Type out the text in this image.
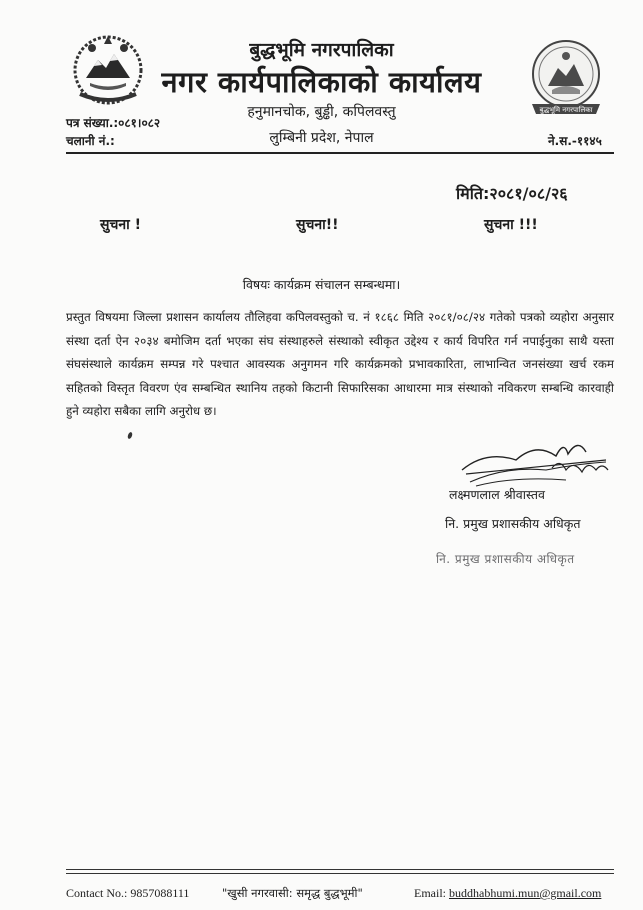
बुद्धभूमि नगरपालिका
बुद्धभूमि नगरपालिका
नगर कार्यपालिकाको कार्यालय
हनुमानचोक, बुड्ढी, कपिलवस्तु
लुम्बिनी प्रदेश, नेपाल
पत्र संख्या.:०८१।०८२
चलानी नं.:	ने.स.-११४५
मिति:२०८१/०८/२६
सुचना !	सुचना!!	सुचना !!!
विषयः कार्यक्रम संचालन सम्बन्धमा।
प्रस्तुत विषयमा जिल्ला प्रशासन कार्यालय तौलिहवा कपिलवस्तुको च. नं १८६८ मिति २०८१/०८/२४ गतेको पत्रको व्यहोरा अनुसार संस्था दर्ता ऐन २०३४ बमोजिम दर्ता भएका संघ संस्थाहरुले संस्थाको स्वीकृत उद्देश्य र कार्य विपरित गर्न नपाईनुका साथै यस्ता संघसंस्थाले कार्यक्रम सम्पन्न गरे पश्चात आवस्यक अनुगमन गरि कार्यक्रमको प्रभावकारिता, लाभान्वित जनसंख्या खर्च रकम सहितको विस्तृत विवरण एंव सम्बन्धित स्थानिय तहको किटानी सिफारिसका आधारमा मात्र संस्थाको नविकरण सम्बन्धि कारवाही हुने व्यहोरा सबैका लागि अनुरोध छ।
लक्ष्मणलाल श्रीवास्तव
नि. प्रमुख प्रशासकीय अधिकृत
नि. प्रमुख प्रशासकीय अधिकृत
Contact No.: 9857088111	"खुसी नगरवासी: समृद्ध बुद्धभूमी"	Email: buddhabhumi.mun@gmail.com
